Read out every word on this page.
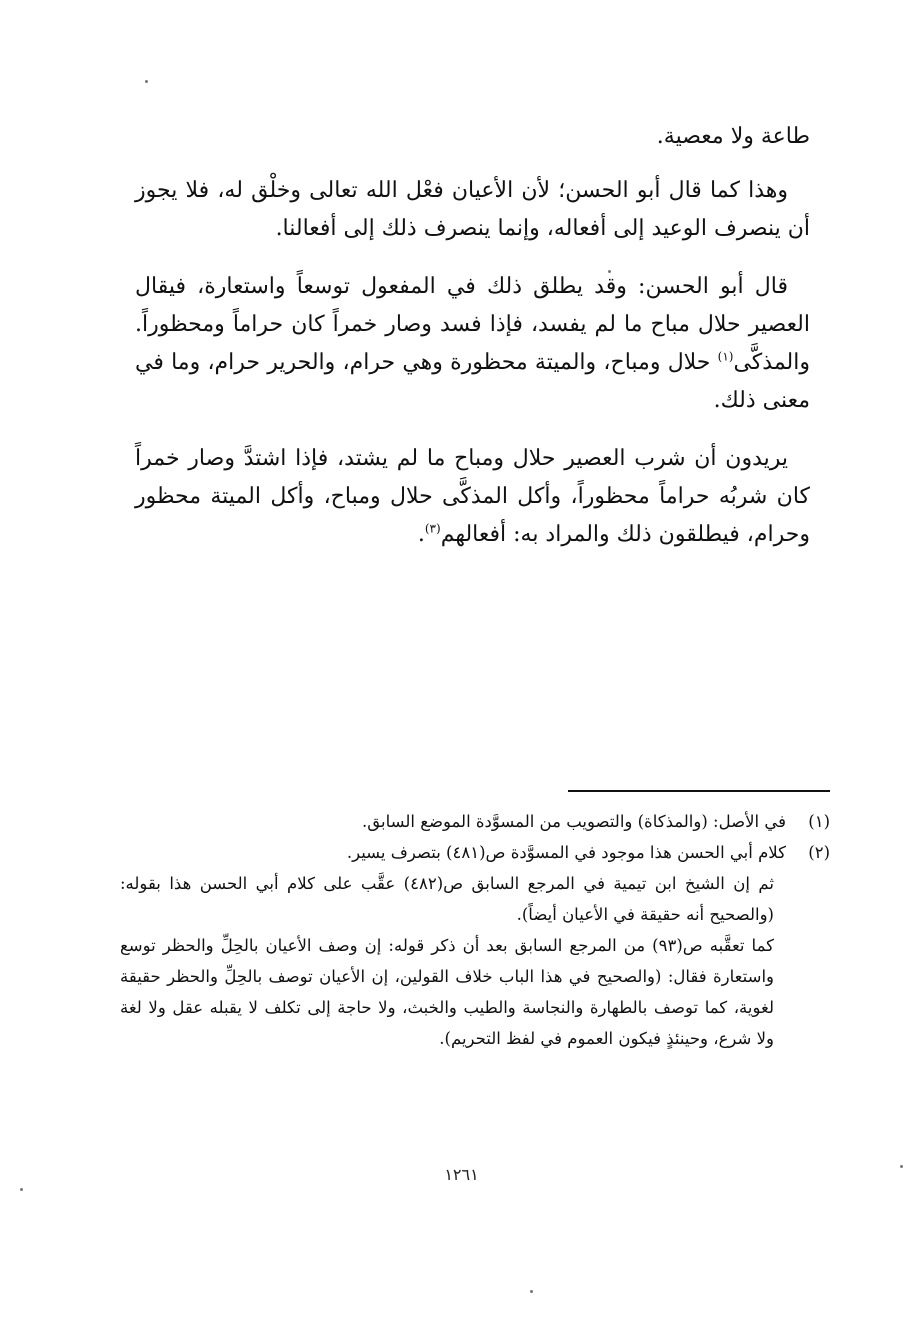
طاعة ولا معصية.

وهذا كما قال أبو الحسن؛ لأن الأعيان فعْل الله تعالى وخلْق له، فلا يجوز أن ينصرف الوعيد إلى أفعاله، وإنما ينصرف ذلك إلى أفعالنا.

قال أبو الحسن: وقد يطلق ذلك في المفعول توسعاً واستعارة، فيقال العصير حلال مباح ما لم يفسد، فإذا فسد وصار خمراً كان حراماً ومحظوراً. والمذكَّى$^{(١)}$ حلال ومباح، والميتة محظورة وهي حرام، والحرير حرام، وما في معنى ذلك.

يريدون أن شرب العصير حلال ومباح ما لم يشتد، فإذا اشتدَّ وصار خمراً كان شربُه حراماً محظوراً، وأكل المذكَّى حلال ومباح، وأكل الميتة محظور وحرام، فيطلقون ذلك والمراد به: أفعالهم$^{(٣)}$.

(١)
في الأصل: (والمذكاة) والتصويب من المسوَّدة الموضع السابق.
(٢)
كلام أبي الحسن هذا موجود في المسوَّدة ص(٤٨١) بتصرف يسير.
ثم إن الشيخ ابن تيمية في المرجع السابق ص(٤٨٢) عقَّب على كلام أبي الحسن هذا بقوله: (والصحيح أنه حقيقة في الأعيان أيضاً).
كما تعقَّبه ص(٩٣) من المرجع السابق بعد أن ذكر قوله: إن وصف الأعيان بالحِلِّ والحظر توسع واستعارة فقال: (والصحيح في هذا الباب خلاف القولين، إن الأعيان توصف بالحِلِّ والحظر حقيقة لغوية، كما توصف بالطهارة والنجاسة والطيب والخبث، ولا حاجة إلى تكلف لا يقبله عقل ولا لغة ولا شرع، وحينئذٍ فيكون العموم في لفظ التحريم).
١٢٦١
